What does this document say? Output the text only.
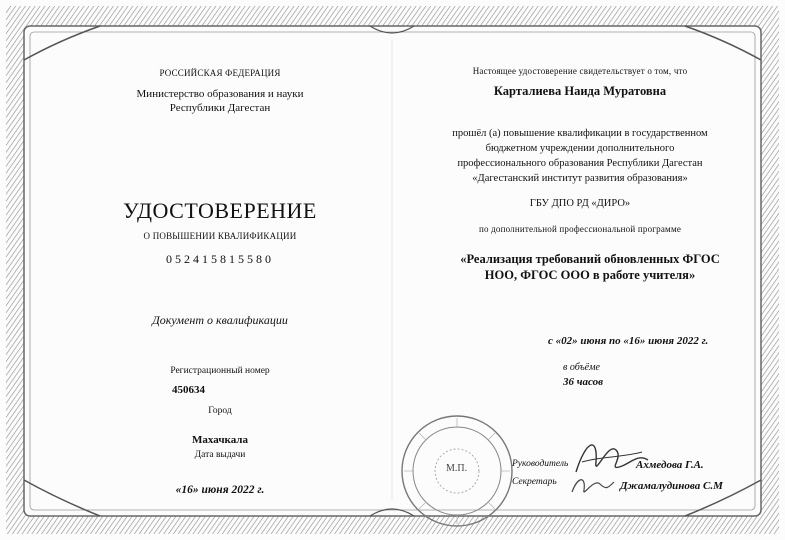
РОССИЙСКАЯ ФЕДЕРАЦИЯ

Министерство образования и науки

Республики Дагестан

УДОСТОВЕРЕНИЕ

О ПОВЫШЕНИИ КВАЛИФИКАЦИИ

052415815580

Документ о квалификации

Регистрационный номер

450634

Город

Махачкала

Дата выдачи

«16» июня 2022 г.

Настоящее удостоверение свидетельствует о том, что

Карталиева Наида Муратовна

прошёл (а) повышение квалификации в государственном

бюджетном учреждении дополнительного

профессионального образования Республики Дагестан

«Дагестанский институт развития образования»

ГБУ ДПО РД «ДИРО»

по дополнительной профессиональной программе

«Реализация требований обновленных ФГОС

НОО, ФГОС ООО в работе учителя»

с «02» июня по «16» июня 2022 г.

в объёме

36 часов

М.П.	Руководитель	Ахмедова Г.А.

Секретарь	Джамалудинова С.М
